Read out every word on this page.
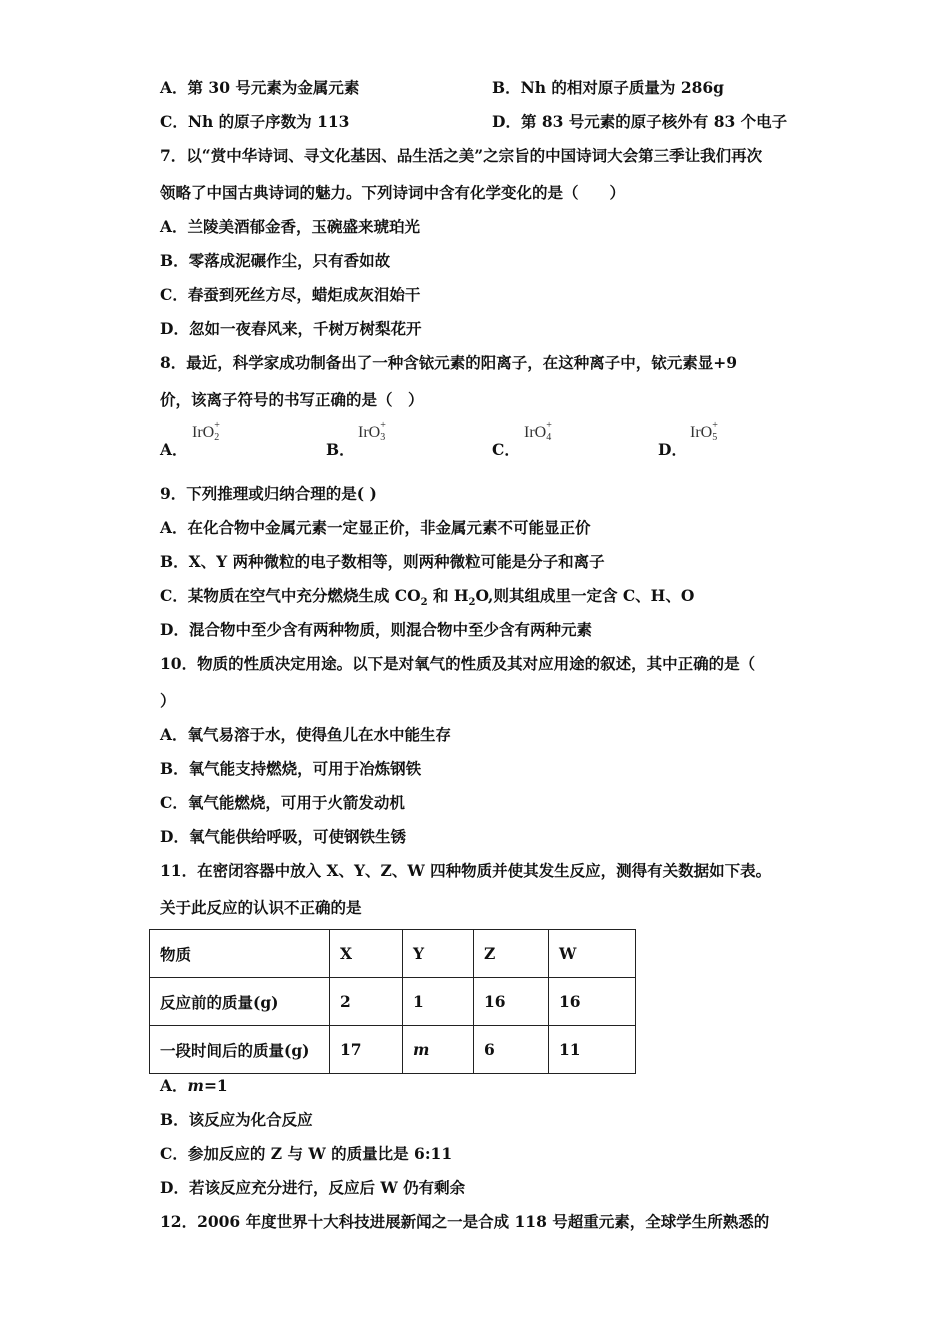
A．第 30 号元素为金属元素	B．Nh 的相对原子质量为 286g
C．Nh 的原子序数为 113	D．第 83 号元素的原子核外有 83 个电子
7．以“赏中华诗词、寻文化基因、品生活之美”之宗旨的中国诗词大会第三季让我们再次
领略了中国古典诗词的魅力。下列诗词中含有化学变化的是（　　）
A．兰陵美酒郁金香，玉碗盛来琥珀光
B．零落成泥碾作尘，只有香如故
C．春蚕到死丝方尽，蜡炬成灰泪始干
D．忽如一夜春风来，千树万树梨花开
8．最近，科学家成功制备出了一种含铱元素的阳离子，在这种离子中，铱元素显+9
价，该离子符号的书写正确的是（　）
A．
IrO +
2
B．
IrO +
3
C．
IrO +
4
D．
IrO +
5
9．下列推理或归纳合理的是( )
A．在化合物中金属元素一定显正价，非金属元素不可能显正价
B．X、Y 两种微粒的电子数相等，则两种微粒可能是分子和离子
C．某物质在空气中充分燃烧生成 $CO_2$ 和 $H_2O$,则其组成里一定含 C、H、O
D．混合物中至少含有两种物质，则混合物中至少含有两种元素
10．物质的性质决定用途。以下是对氧气的性质及其对应用途的叙述，其中正确的是（
）
A．氧气易溶于水，使得鱼儿在水中能生存
B．氧气能支持燃烧，可用于冶炼钢铁
C．氧气能燃烧，可用于火箭发动机
D．氧气能供给呼吸，可使钢铁生锈
11．在密闭容器中放入 X、Y、Z、W 四种物质并使其发生反应，测得有关数据如下表。
关于此反应的认识不正确的是
物质	X	Y	Z	W
反应前的质量(g)	2	1	16	16
一段时间后的质量(g)	17	m	6	11
A．m=1
B．该反应为化合反应
C．参加反应的 Z 与 W 的质量比是 6:11
D．若该反应充分进行，反应后 W 仍有剩余
12．2006 年度世界十大科技进展新闻之一是合成 118 号超重元素，全球学生所熟悉的
